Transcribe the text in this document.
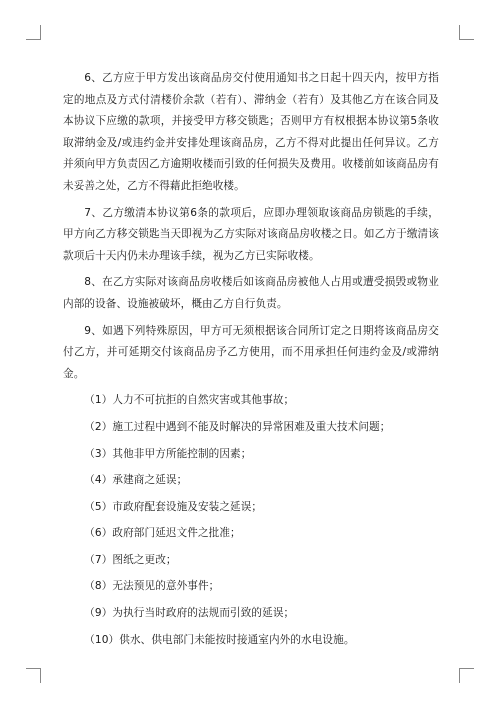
6、乙方应于甲方发出该商品房交付使用通知书之日起十四天内，按甲方指定的地点及方式付清楼价余款（若有）、滞纳金（若有）及其他乙方在该合同及本协议下应缴的款项，并接受甲方移交锁匙；否则甲方有权根据本协议第5条收取滞纳金及/或违约金并安排处理该商品房，乙方不得对此提出任何异议。乙方并须向甲方负责因乙方逾期收楼而引致的任何损失及费用。收楼前如该商品房有未妥善之处，乙方不得藉此拒绝收楼。

7、乙方缴清本协议第6条的款项后，应即办理领取该商品房锁匙的手续，甲方向乙方移交锁匙当天即视为乙方实际对该商品房收楼之日。如乙方于缴清该款项后十天内仍未办理该手续，视为乙方已实际收楼。

8、在乙方实际对该商品房收楼后如该商品房被他人占用或遭受损毁或物业内部的设备、设施被破坏，概由乙方自行负责。

9、如遇下列特殊原因，甲方可无须根据该合同所订定之日期将该商品房交付乙方，并可延期交付该商品房予乙方使用，而不用承担任何违约金及/或滞纳金。

（1）人力不可抗拒的自然灾害或其他事故；

（2）施工过程中遇到不能及时解决的异常困难及重大技术问题；

（3）其他非甲方所能控制的因素；

（4）承建商之延误；

（5）市政府配套设施及安装之延误；

（6）政府部门延迟文件之批准；

（7）图纸之更改；

（8）无法预见的意外事件；

（9）为执行当时政府的法规而引致的延误；

（10）供水、供电部门未能按时接通室内外的水电设施。
